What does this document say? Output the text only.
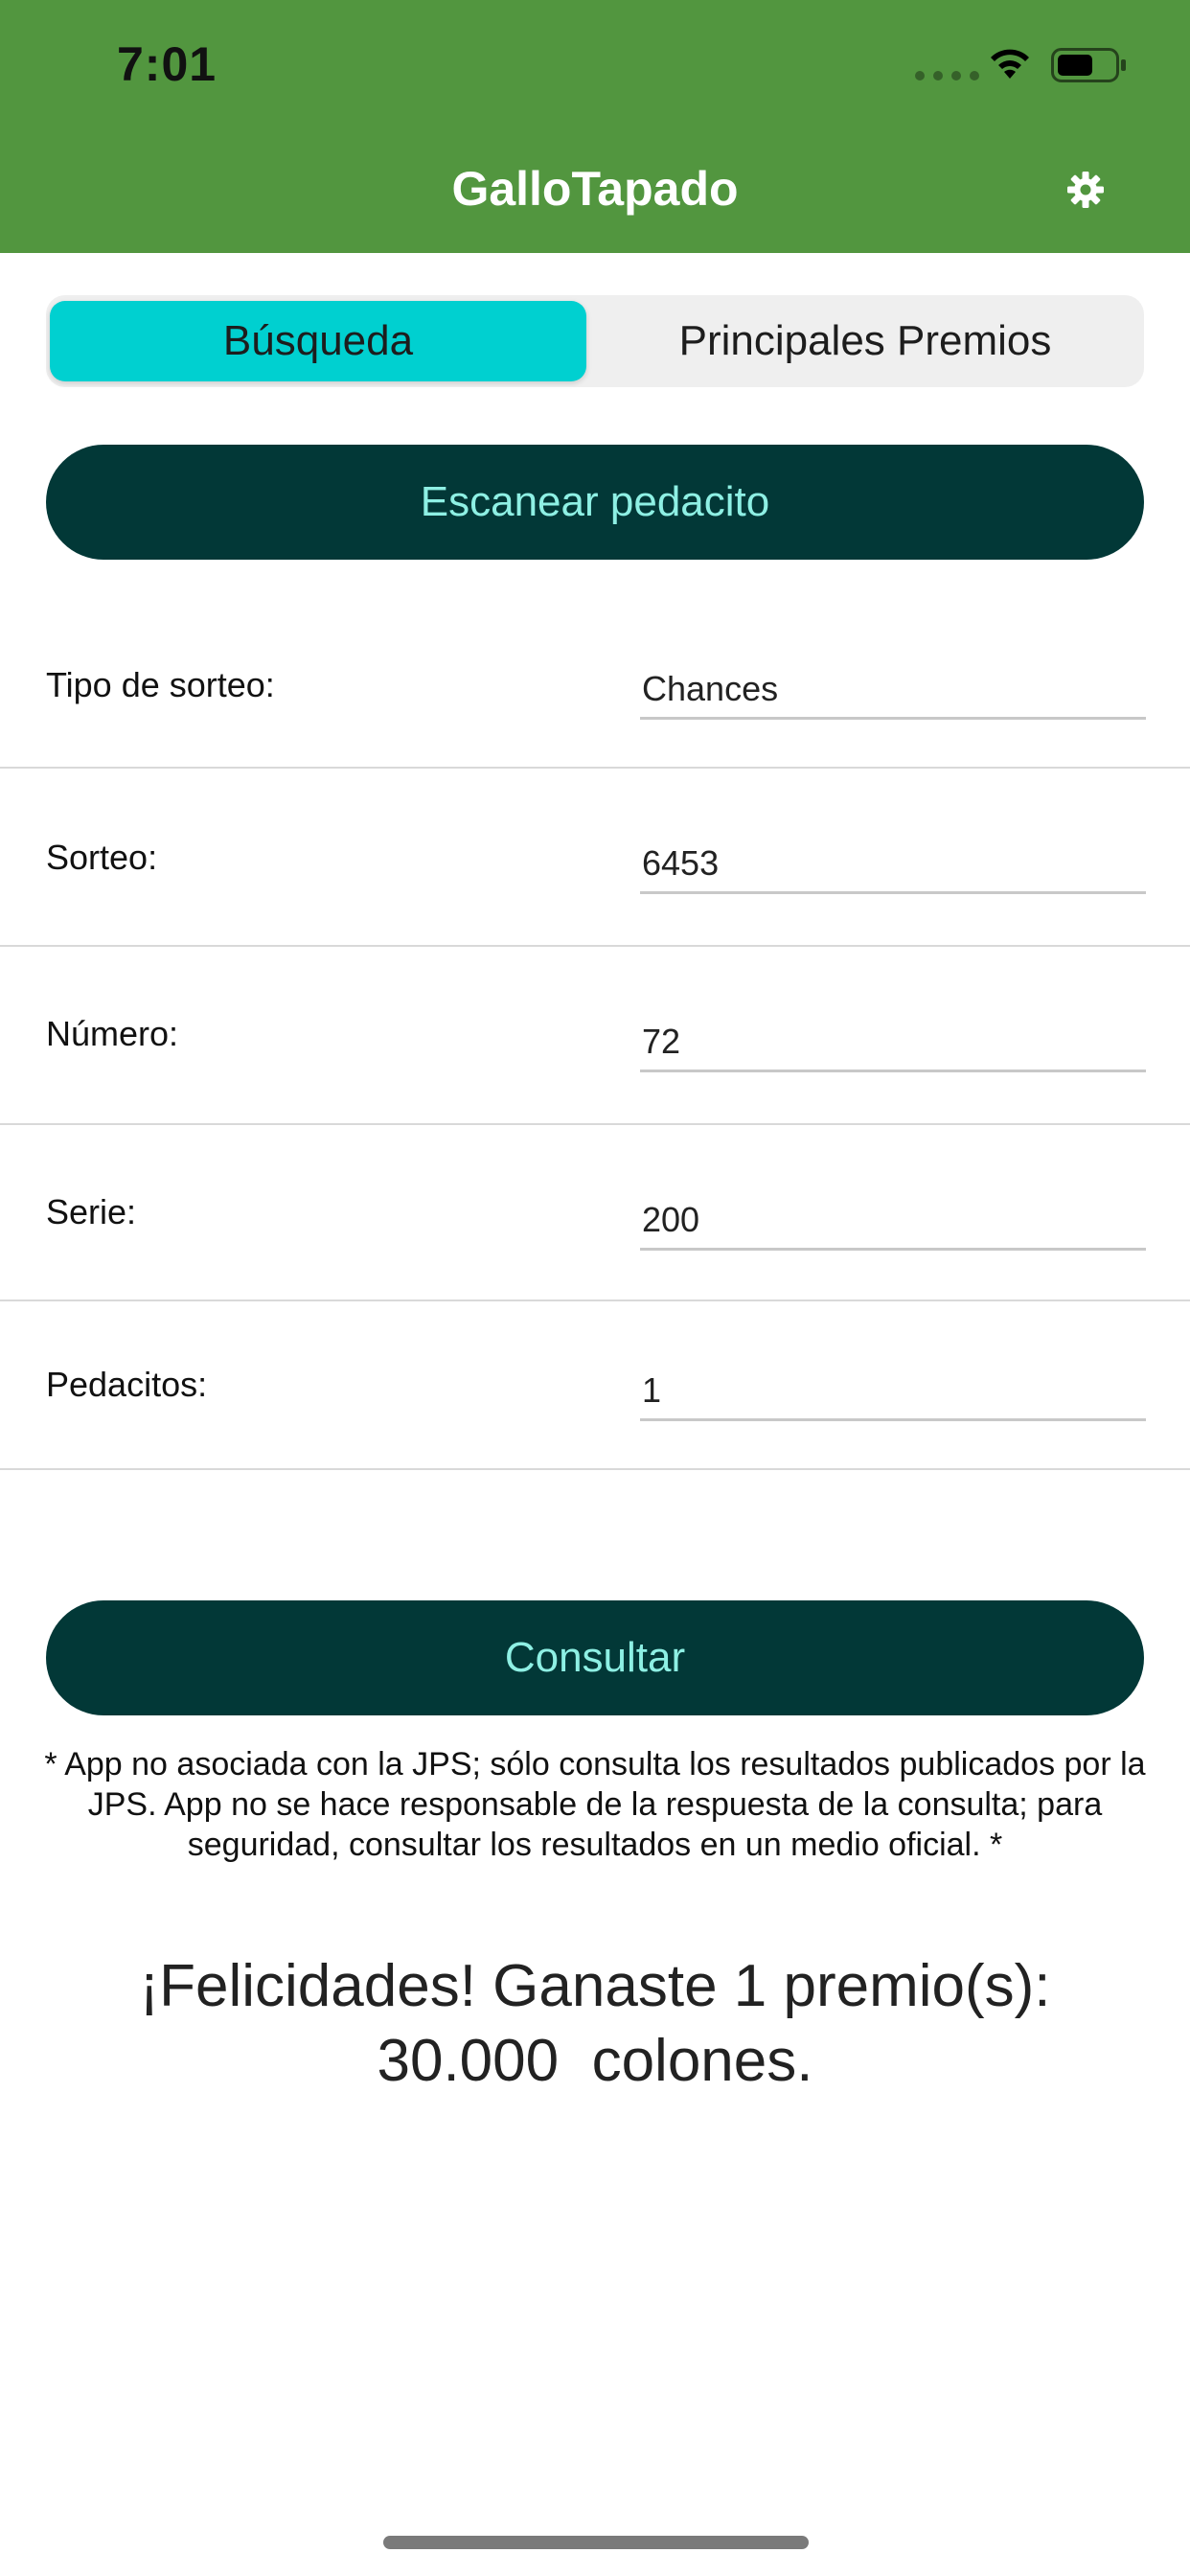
7:01
GalloTapado
Búsqueda	Principales Premios
Escanear pedacito
Tipo de sorteo:
Chances
Sorteo:
6453
Número:
72
Serie:
200
Pedacitos:
1
Consultar
* App no asociada con la JPS; sólo consulta los resultados publicados por la JPS. App no se hace responsable de la respuesta de la consulta; para seguridad, consultar los resultados en un medio oficial. *
¡Felicidades! Ganaste 1 premio(s):
30.000  colones.
